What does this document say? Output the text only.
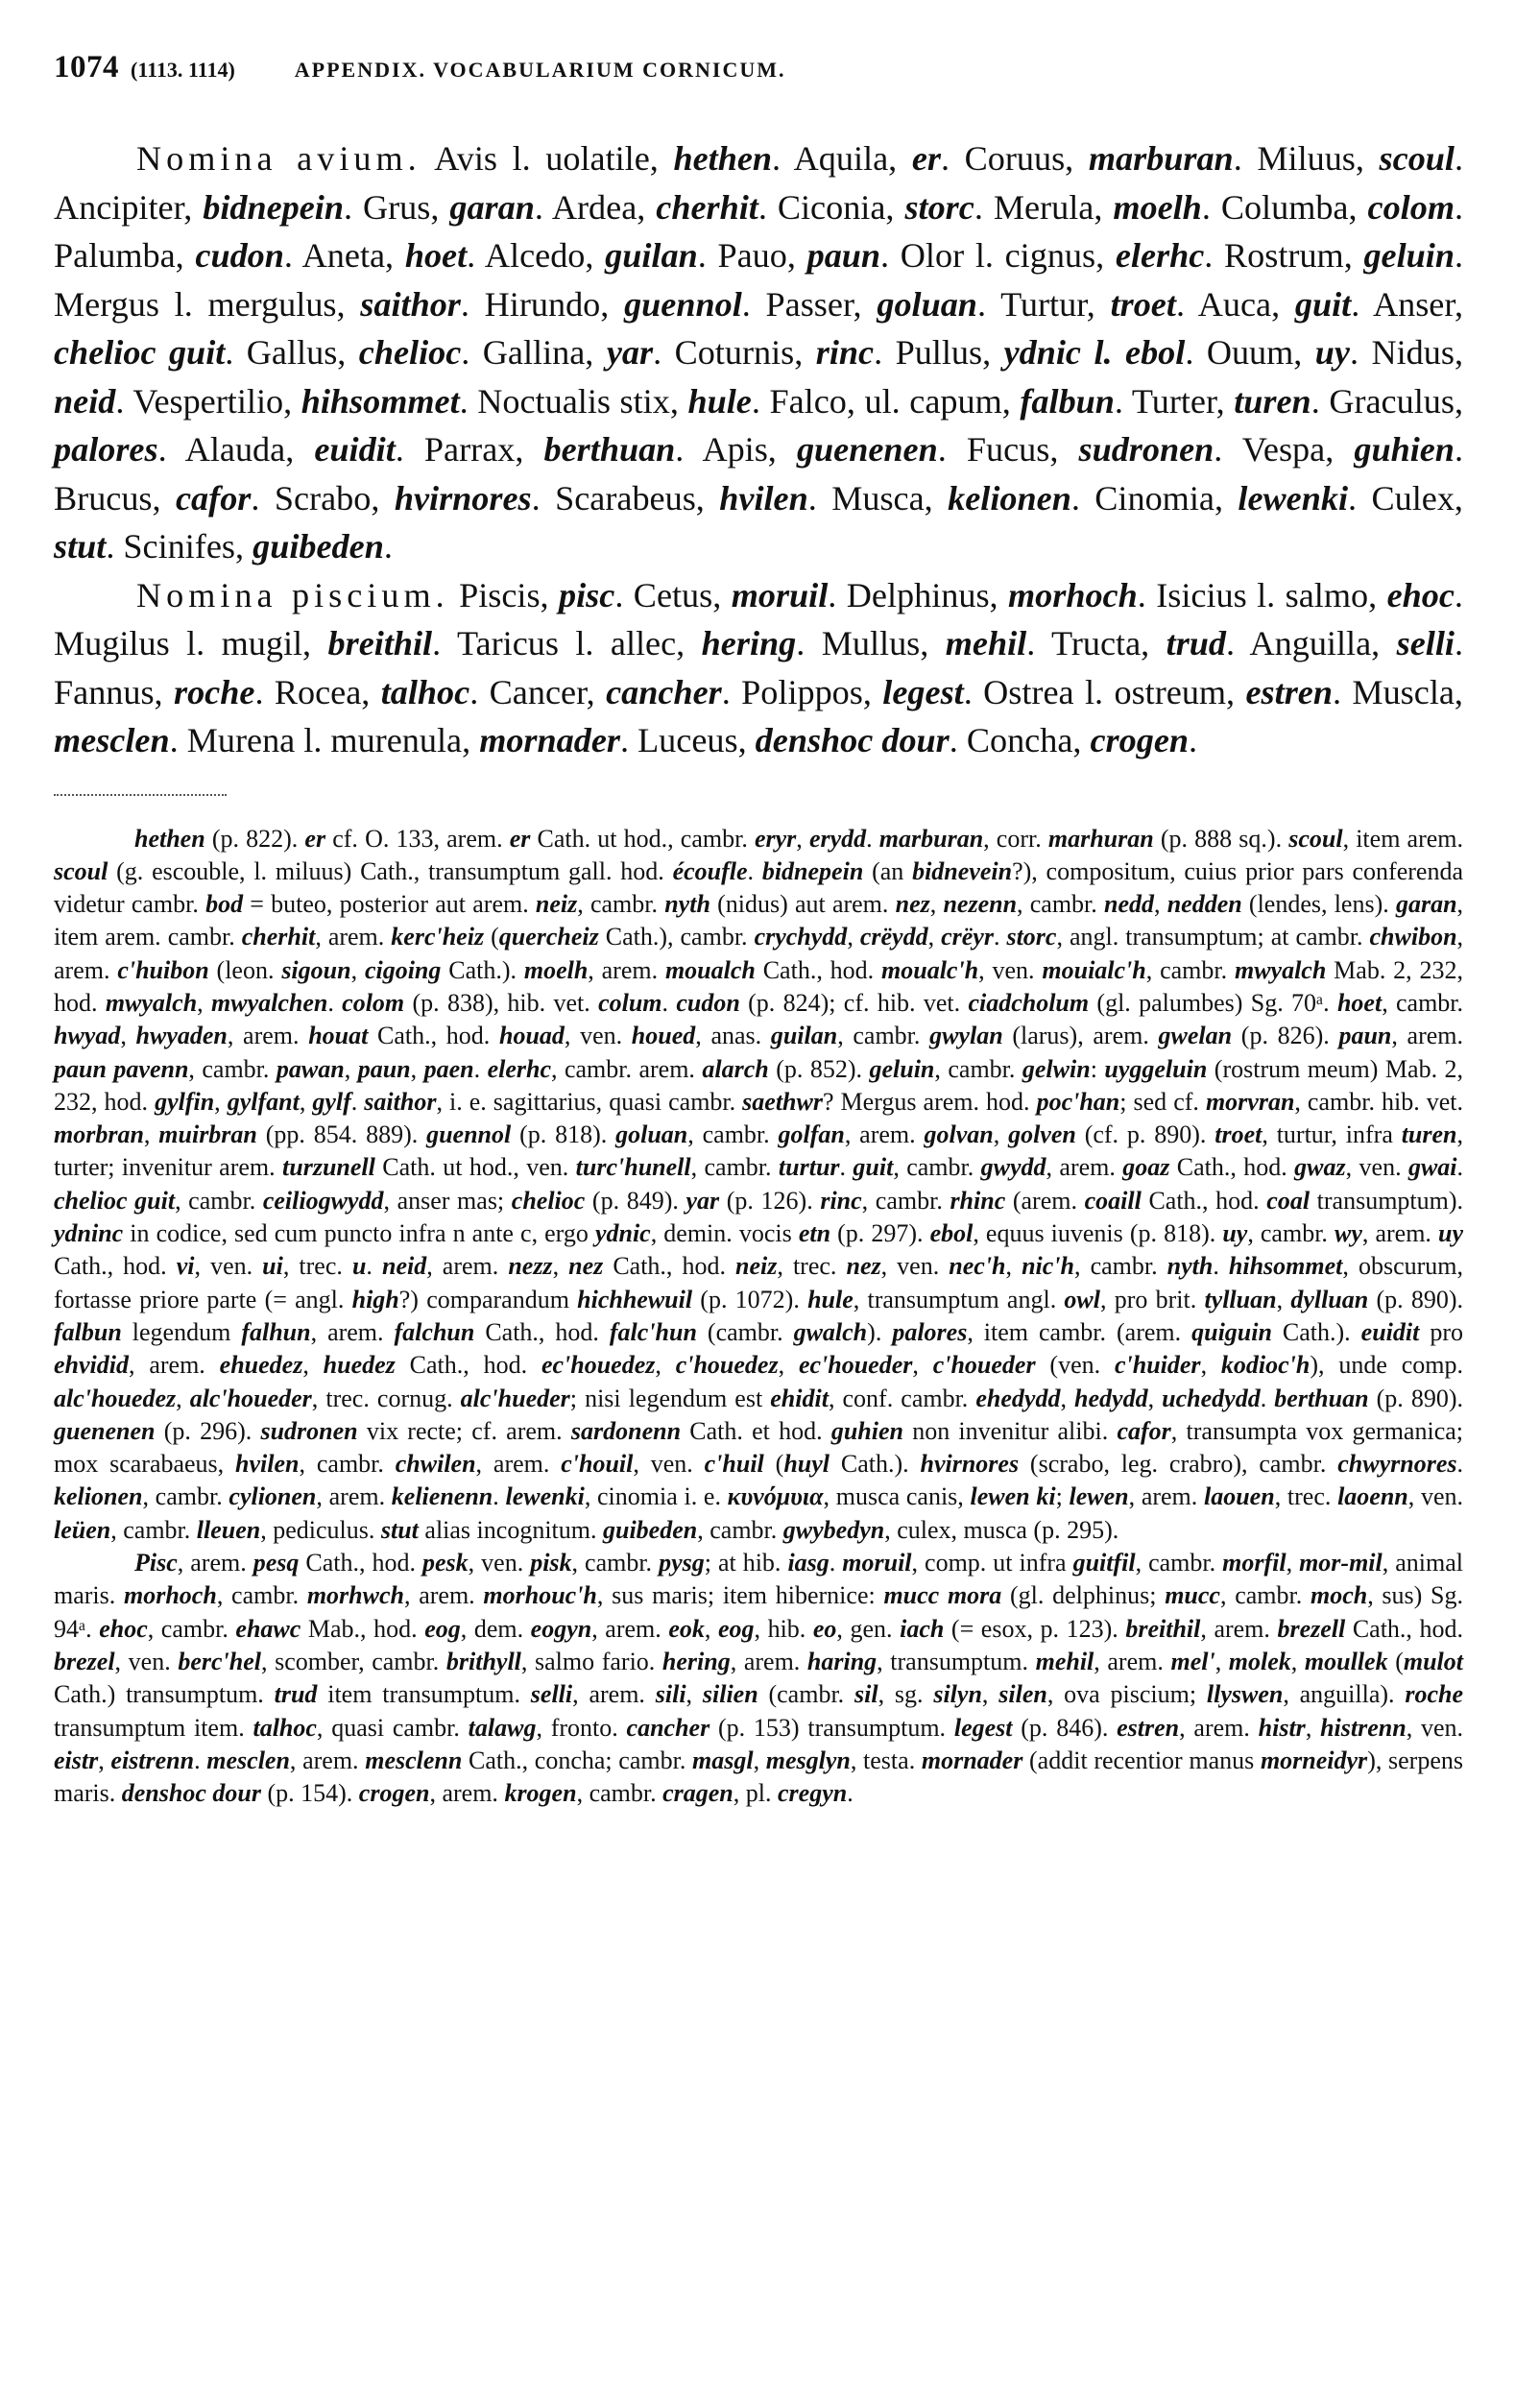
1074 (1113. 1114)	APPENDIX. VOCABULARIUM CORNICUM.

Nomina avium. Avis l. uolatile, hethen. Aquila, er. Coruus, marburan. Miluus, scoul. Ancipiter, bidnepein. Grus, garan. Ardea, cherhit. Ciconia, storc. Merula, moelh. Columba, colom. Palumba, cudon. Aneta, hoet. Alcedo, guilan. Pauo, paun. Olor l. cignus, elerhc. Rostrum, geluin. Mergus l. mergulus, saithor. Hirundo, guennol. Passer, goluan. Turtur, troet. Auca, guit. Anser, chelioc guit. Gallus, chelioc. Gallina, yar. Coturnis, rinc. Pullus, ydnic l. ebol. Ouum, uy. Nidus, neid. Vespertilio, hihsommet. Noctualis stix, hule. Falco, ul. capum, falbun. Turter, turen. Graculus, palores. Alauda, euidit. Parrax, berthuan. Apis, guenenen. Fucus, sudronen. Vespa, guhien. Brucus, cafor. Scrabo, hvirnores. Scarabeus, hvilen. Musca, kelionen. Cinomia, lewenki. Culex, stut. Scinifes, guibeden.

Nomina piscium. Piscis, pisc. Cetus, moruil. Delphinus, morhoch. Isicius l. salmo, ehoc. Mugilus l. mugil, breithil. Taricus l. allec, hering. Mullus, mehil. Tructa, trud. Anguilla, selli. Fannus, roche. Rocea, talhoc. Cancer, cancher. Polippos, legest. Ostrea l. ostreum, estren. Muscla, mesclen. Murena l. murenula, mornader. Luceus, denshoc dour. Concha, crogen.

hethen (p. 822). er cf. O. 133, arem. er Cath. ut hod., cambr. eryr, erydd. marburan, corr. marhuran (p. 888 sq.). scoul, item arem. scoul (g. escouble, l. miluus) Cath., transumptum gall. hod. écoufle. bidnepein (an bidnevein?), compositum, cuius prior pars conferenda videtur cambr. bod = buteo, posterior aut arem. neiz, cambr. nyth (nidus) aut arem. nez, nezenn, cambr. nedd, nedden (lendes, lens). garan, item arem. cambr. cherhit, arem. kerc'heiz (quercheiz Cath.), cambr. crychydd, crëydd, crëyr. storc, angl. transumptum; at cambr. chwibon, arem. c'huibon (leon. sigoun, cigoing Cath.). moelh, arem. moualch Cath., hod. moualc'h, ven. mouialc'h, cambr. mwyalch Mab. 2, 232, hod. mwyalch, mwyalchen. colom (p. 838), hib. vet. colum. cudon (p. 824); cf. hib. vet. ciadcholum (gl. palumbes) Sg. 70ᵃ. hoet, cambr. hwyad, hwyaden, arem. houat Cath., hod. houad, ven. houed, anas. guilan, cambr. gwylan (larus), arem. gwelan (p. 826). paun, arem. paun pavenn, cambr. pawan, paun, paen. elerhc, cambr. arem. alarch (p. 852). geluin, cambr. gelwin: uyggeluin (rostrum meum) Mab. 2, 232, hod. gylfin, gylfant, gylf. saithor, i. e. sagittarius, quasi cambr. saethwr? Mergus arem. hod. poc'han; sed cf. morvran, cambr. hib. vet. morbran, muirbran (pp. 854. 889). guennol (p. 818). goluan, cambr. golfan, arem. golvan, golven (cf. p. 890). troet, turtur, infra turen, turter; invenitur arem. turzunell Cath. ut hod., ven. turc'hunell, cambr. turtur. guit, cambr. gwydd, arem. goaz Cath., hod. gwaz, ven. gwai. chelioc guit, cambr. ceiliogwydd, anser mas; chelioc (p. 849). yar (p. 126). rinc, cambr. rhinc (arem. coaill Cath., hod. coal transumptum). ydninc in codice, sed cum puncto infra n ante c, ergo ydnic, demin. vocis etn (p. 297). ebol, equus iuvenis (p. 818). uy, cambr. wy, arem. uy Cath., hod. vi, ven. ui, trec. u. neid, arem. nezz, nez Cath., hod. neiz, trec. nez, ven. nec'h, nic'h, cambr. nyth. hihsommet, obscurum, fortasse priore parte (= angl. high?) comparandum hichhewuil (p. 1072). hule, transumptum angl. owl, pro brit. tylluan, dylluan (p. 890). falbun legendum falhun, arem. falchun Cath., hod. falc'hun (cambr. gwalch). palores, item cambr. (arem. quiguin Cath.). euidit pro ehvidid, arem. ehuedez, huedez Cath., hod. ec'houedez, c'houedez, ec'houeder, c'houeder (ven. c'huider, kodioc'h), unde comp. alc'houedez, alc'houeder, trec. cornug. alc'hueder; nisi legendum est ehidit, conf. cambr. ehedydd, hedydd, uchedydd. berthuan (p. 890). guenenen (p. 296). sudronen vix recte; cf. arem. sardonenn Cath. et hod. guhien non invenitur alibi. cafor, transumpta vox germanica; mox scarabaeus, hvilen, cambr. chwilen, arem. c'houil, ven. c'huil (huyl Cath.). hvirnores (scrabo, leg. crabro), cambr. chwyrnores. kelionen, cambr. cylionen, arem. kelienenn. lewenki, cinomia i. e. κυνόμυια, musca canis, lewen ki; lewen, arem. laouen, trec. laoenn, ven. leüen, cambr. lleuen, pediculus. stut alias incognitum. guibeden, cambr. gwybedyn, culex, musca (p. 295).

Pisc, arem. pesq Cath., hod. pesk, ven. pisk, cambr. pysg; at hib. iasg. moruil, comp. ut infra guitfil, cambr. morfil, mor-mil, animal maris. morhoch, cambr. morhwch, arem. morhouc'h, sus maris; item hibernice: mucc mora (gl. delphinus; mucc, cambr. moch, sus) Sg. 94ᵃ. ehoc, cambr. ehawc Mab., hod. eog, dem. eogyn, arem. eok, eog, hib. eo, gen. iach (= esox, p. 123). breithil, arem. brezell Cath., hod. brezel, ven. berc'hel, scomber, cambr. brithyll, salmo fario. hering, arem. haring, transumptum. mehil, arem. mel', molek, moullek (mulot Cath.) transumptum. trud item transumptum. selli, arem. sili, silien (cambr. sil, sg. silyn, silen, ova piscium; llyswen, anguilla). roche transumptum item. talhoc, quasi cambr. talawg, fronto. cancher (p. 153) transumptum. legest (p. 846). estren, arem. histr, histrenn, ven. eistr, eistrenn. mesclen, arem. mesclenn Cath., concha; cambr. masgl, mesglyn, testa. mornader (addit recentior manus morneidyr), serpens maris. denshoc dour (p. 154). crogen, arem. krogen, cambr. cragen, pl. cregyn.
